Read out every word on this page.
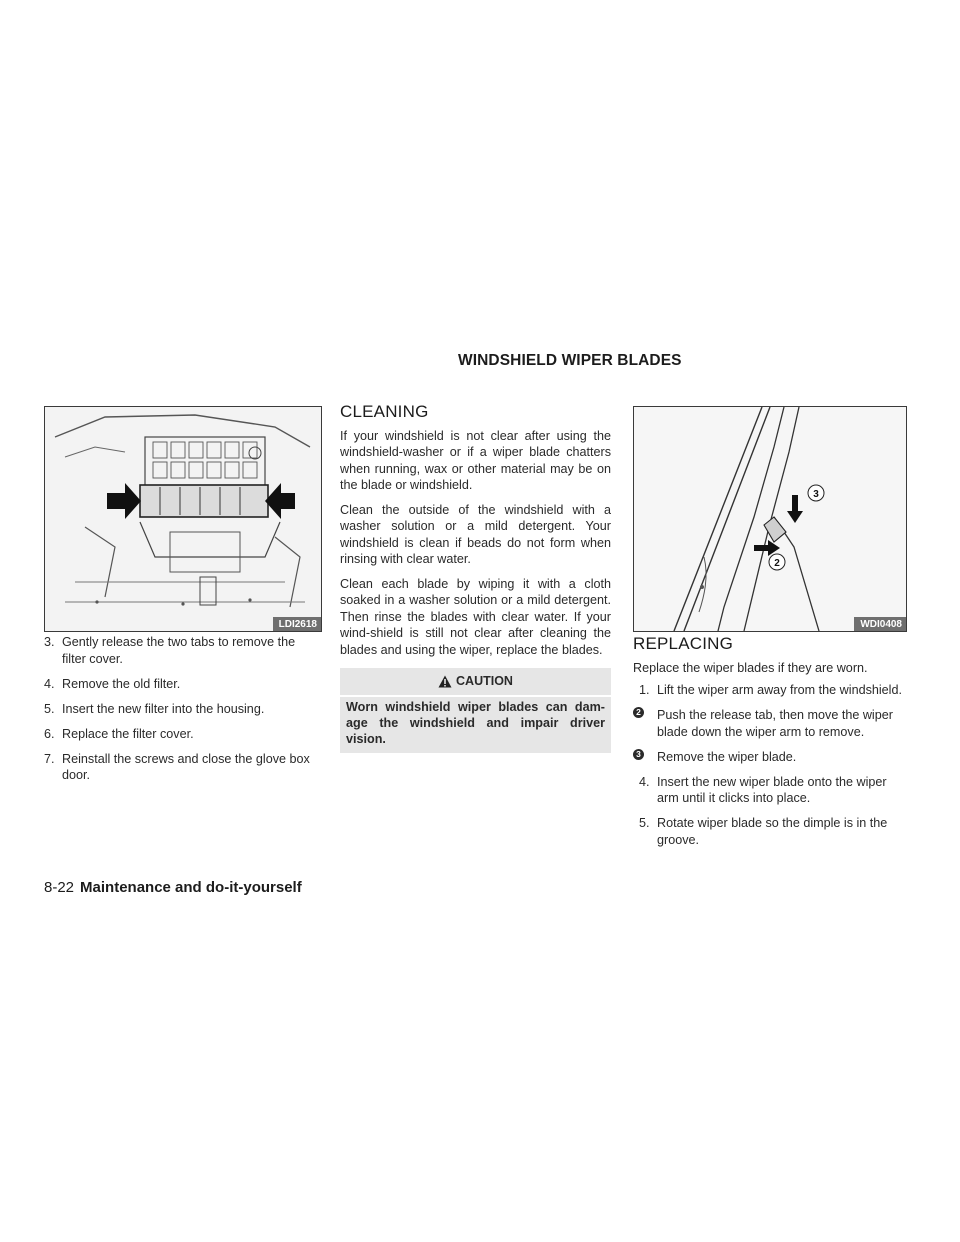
WINDSHIELD WIPER BLADES
LDI2618
3. Gently release the two tabs to remove the filter cover.
4. Remove the old filter.
5. Insert the new filter into the housing.
6. Replace the filter cover.
7. Reinstall the screws and close the glove box door.
CLEANING

If your windshield is not clear after using the windshield-washer or if a wiper blade chatters when running, wax or other material may be on the blade or windshield.

Clean the outside of the windshield with a washer solution or a mild detergent. Your windshield is clean if beads do not form when rinsing with clear water.

Clean each blade by wiping it with a cloth soaked in a washer solution or a mild detergent. Then rinse the blades with clear water. If your wind-shield is still not clear after cleaning the blades and using the wiper, replace the blades.

CAUTION
Worn windshield wiper blades can dam-age the windshield and impair driver vision.
3
2
WDI0408
REPLACING

Replace the wiper blades if they are worn.

1. Lift the wiper arm away from the windshield.
2 Push the release tab, then move the wiper blade down the wiper arm to remove.
3 Remove the wiper blade.
4. Insert the new wiper blade onto the wiper arm until it clicks into place.
5. Rotate wiper blade so the dimple is in the groove.
8-22 Maintenance and do-it-yourself
